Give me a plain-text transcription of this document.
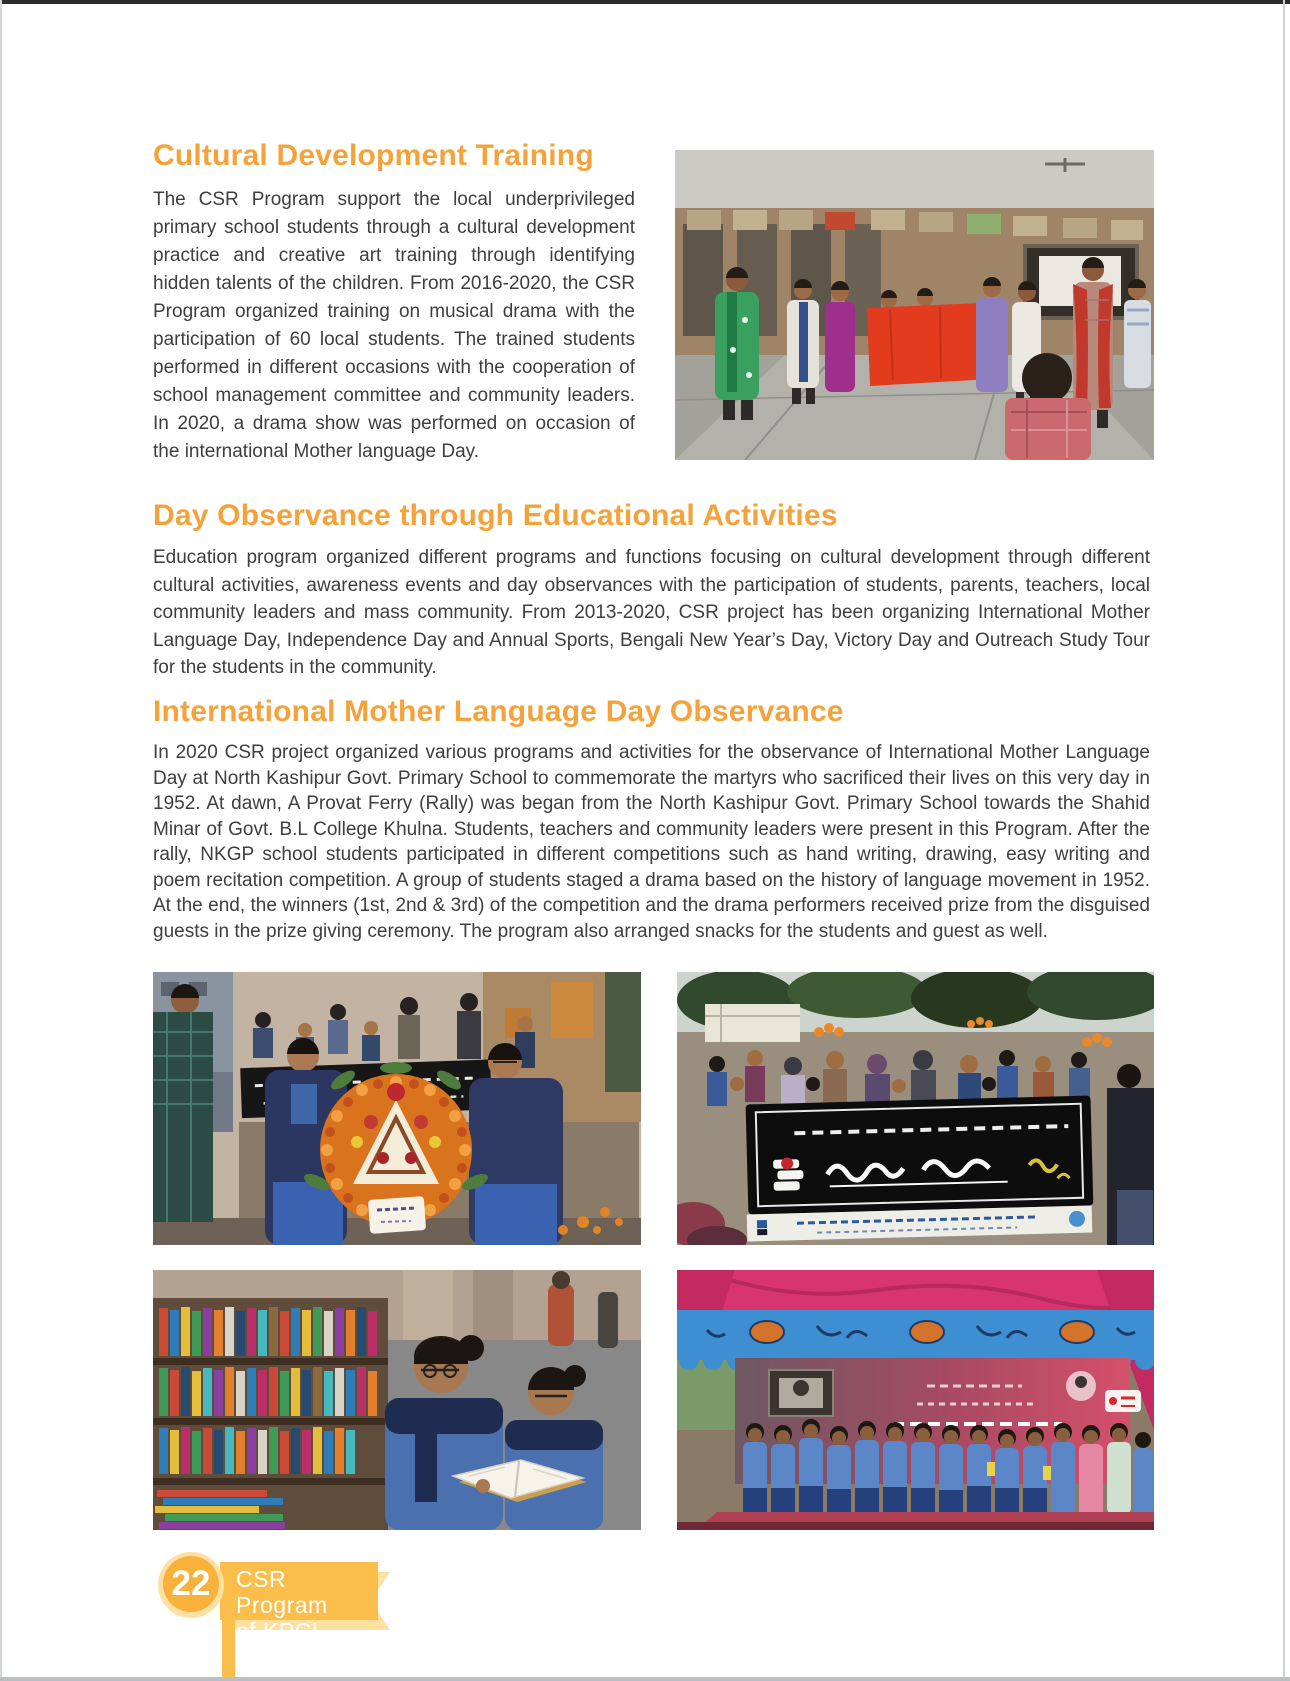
Cultural Development Training

The CSR Program support the local underprivileged primary school students through a cultural development practice and creative art training through identifying hidden talents of the children. From 2016-2020, the CSR Program organized training on musical drama with the participation of 60 local students. The trained students performed in different occasions with the cooperation of school management committee and community leaders. In 2020, a drama show was performed on occasion of the international Mother language Day.

Day Observance through Educational Activities

Education program organized different programs and functions focusing on cultural development through different cultural activities, awareness events and day observances with the participation of students, parents, teachers, local community leaders and mass community. From 2013-2020, CSR project has been organizing International Mother Language Day, Independence Day and Annual Sports, Bengali New Year’s Day, Victory Day and Outreach Study Tour for the students in the community.

International Mother Language Day Observance

In 2020 CSR project organized various programs and activities for the observance of International Mother Language Day at North Kashipur Govt. Primary School to commemorate the martyrs who sacrificed their lives on this very day in 1952. At dawn, A Provat Ferry (Rally) was began from the North Kashipur Govt. Primary School towards the Shahid Minar of Govt. B.L College Khulna. Students, teachers and community leaders were present in this Program. After the rally, NKGP school students participated in different competitions such as hand writing, drawing, easy writing and poem recitation competition. A group of students staged a drama based on the history of language movement in 1952. At the end, the winners (1st, 2nd & 3rd) of the competition and the drama performers received prize from the disguised guests in the prize giving ceremony. The program also arranged snacks for the students and guest as well.

CSR Program
of KPCL–2020
22
